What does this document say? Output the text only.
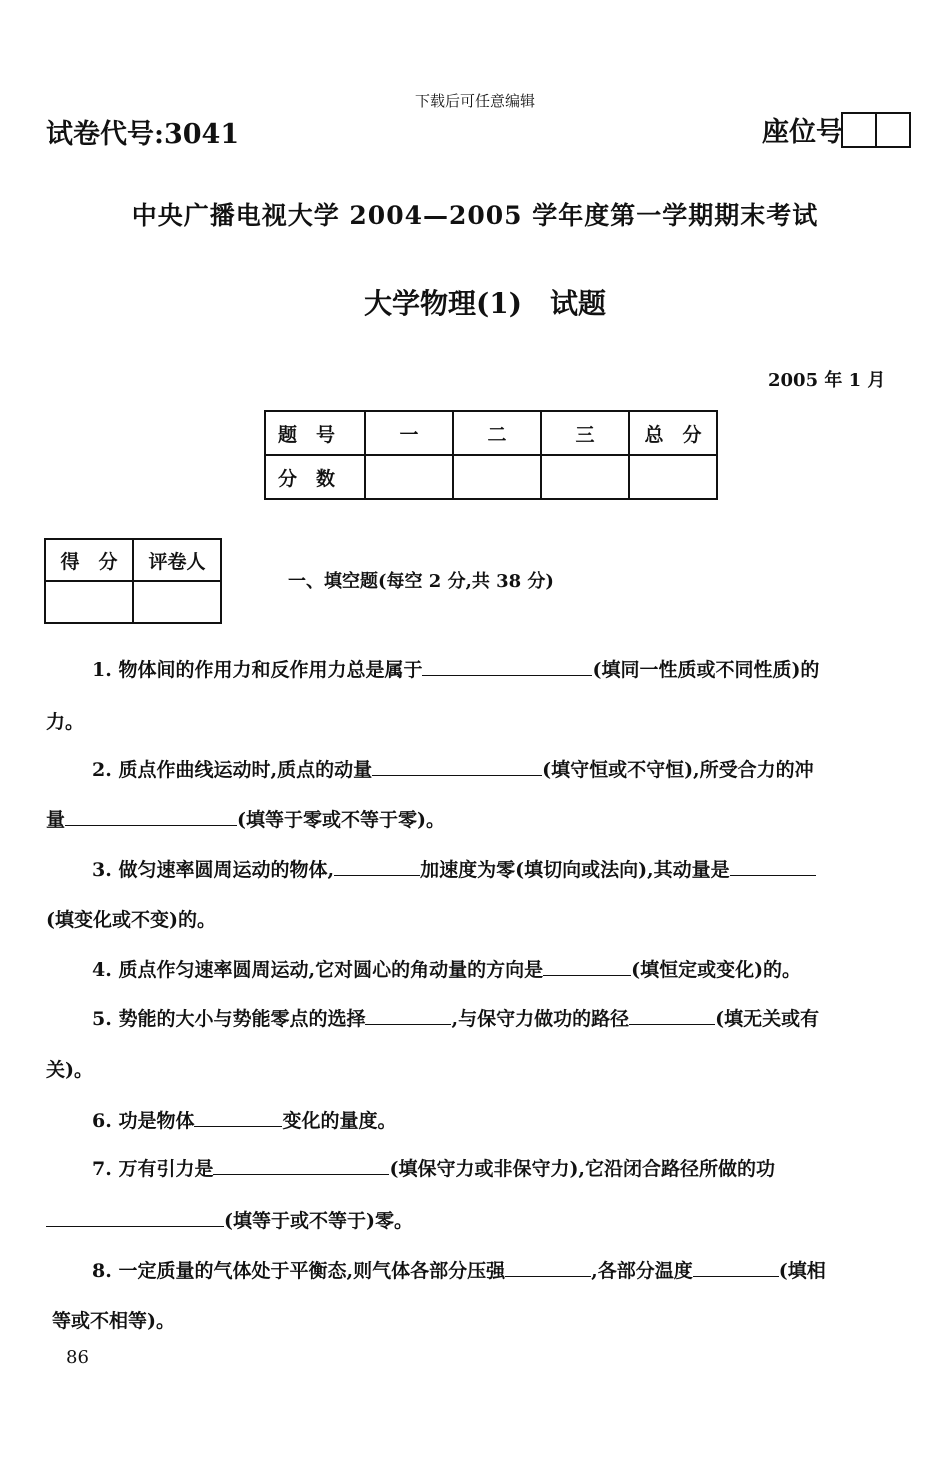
下载后可任意编辑
试卷代号:3041	座位号
中央广播电视大学 2004—2005 学年度第一学期期末考试
大学物理(1)　试题
2005 年 1 月
题　号	一	二	三	总　分
分　数				
得　分	评卷人

一、填空题(每空 2 分,共 38 分)
1. 物体间的作用力和反作用力总是属于	(填同一性质或不同性质)的
力。
2. 质点作曲线运动时,质点的动量	(填守恒或不守恒),所受合力的冲
量	(填等于零或不等于零)。
3. 做匀速率圆周运动的物体,	加速度为零(填切向或法向),其动量是
(填变化或不变)的。
4. 质点作匀速率圆周运动,它对圆心的角动量的方向是	(填恒定或变化)的。
5. 势能的大小与势能零点的选择	,与保守力做功的路径	(填无关或有
关)。
6. 功是物体	变化的量度。
7. 万有引力是	(填保守力或非保守力),它沿闭合路径所做的功
(填等于或不等于)零。
8. 一定质量的气体处于平衡态,则气体各部分压强	,各部分温度	(填相
等或不相等)。
86
